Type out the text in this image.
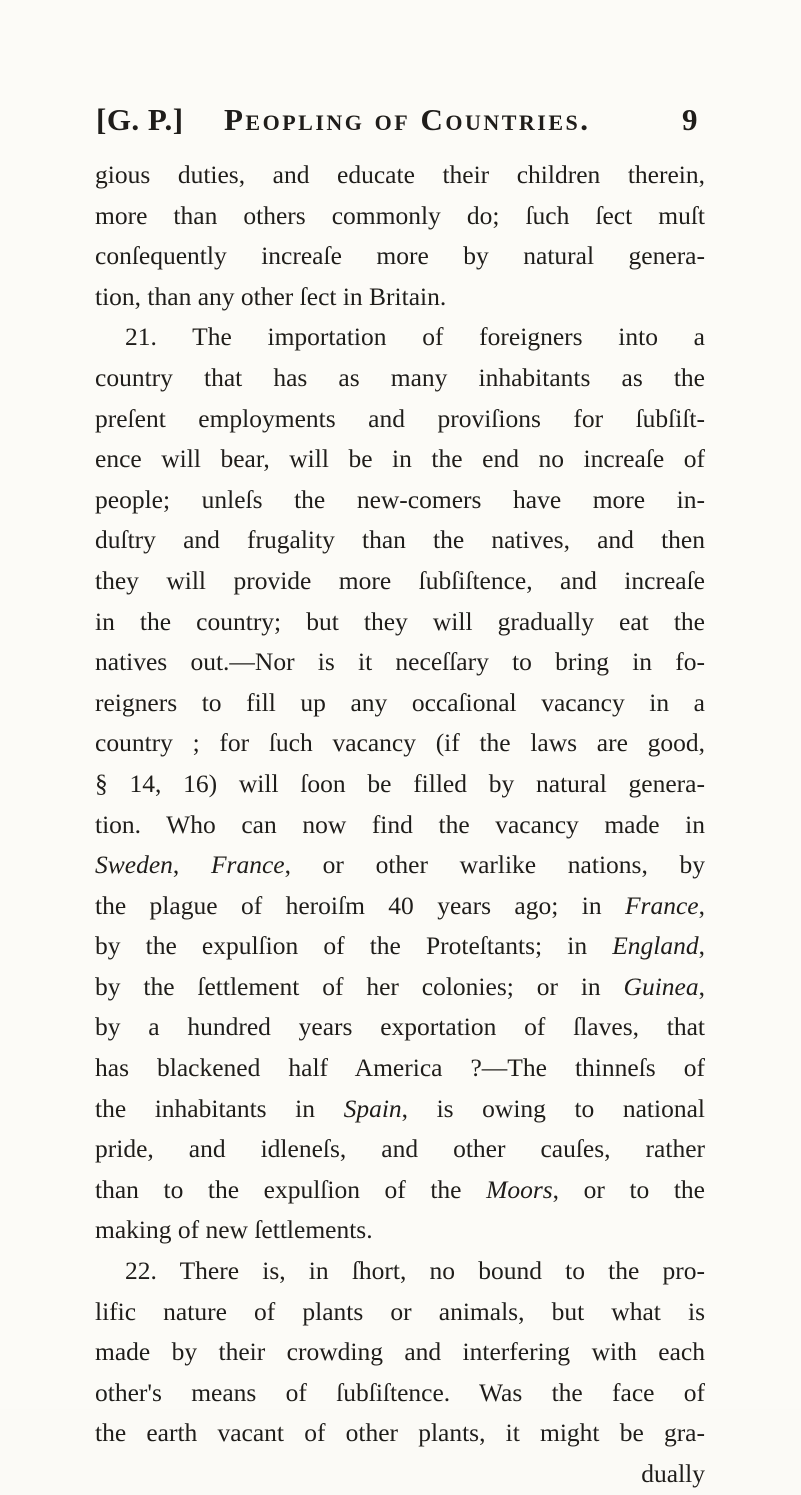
[G. P.] Peopling of Countries.	9
gious duties, and educate their children therein,
more than others commonly do; ſuch ſect muſt
conſequently increaſe more by natural genera-
tion, than any other ſect in Britain.
21. The importation of foreigners into a
country that has as many inhabitants as the
preſent employments and proviſions for ſubſiſt-
ence will bear, will be in the end no increaſe of
people; unleſs the new-comers have more in-
duſtry and frugality than the natives, and then
they will provide more ſubſiſtence, and increaſe
in the country; but they will gradually eat the
natives out.—Nor is it neceſſary to bring in fo-
reigners to fill up any occaſional vacancy in a
country ; for ſuch vacancy (if the laws are good,
§ 14, 16) will ſoon be filled by natural genera-
tion. Who can now find the vacancy made in
Sweden, France, or other warlike nations, by
the plague of heroiſm 40 years ago; in France,
by the expulſion of the Proteſtants; in England,
by the ſettlement of her colonies; or in Guinea,
by a hundred years exportation of ſlaves, that
has blackened half America ?—The thinneſs of
the inhabitants in Spain, is owing to national
pride, and idleneſs, and other cauſes, rather
than to the expulſion of the Moors, or to the
making of new ſettlements.
22. There is, in ſhort, no bound to the pro-
lific nature of plants or animals, but what is
made by their crowding and interfering with each
other's means of ſubſiſtence. Was the face of
the earth vacant of other plants, it might be gra-
dually
